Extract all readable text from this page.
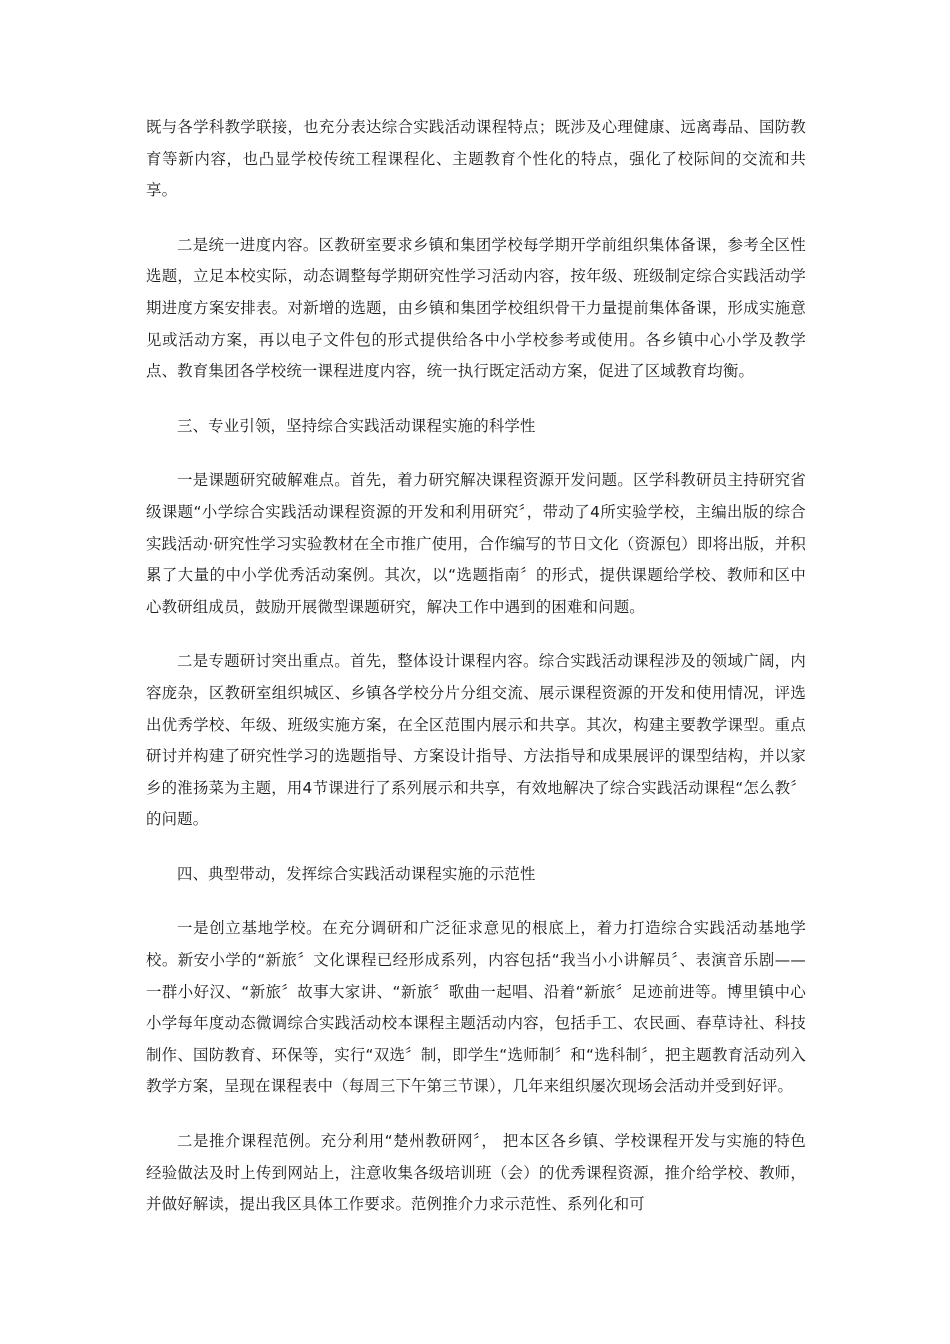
既与各学科教学联接，也充分表达综合实践活动课程特点；既涉及心理健康、远离毒品、国防教育等新内容，也凸显学校传统工程课程化、主题教育个性化的特点，强化了校际间的交流和共享。

二是统一进度内容。区教研室要求乡镇和集团学校每学期开学前组织集体备课，参考全区性选题，立足本校实际，动态调整每学期研究性学习活动内容，按年级、班级制定综合实践活动学期进度方案安排表。对新增的选题，由乡镇和集团学校组织骨干力量提前集体备课，形成实施意见或活动方案，再以电子文件包的形式提供给各中小学校参考或使用。各乡镇中心小学及教学点、教育集团各学校统一课程进度内容，统一执行既定活动方案，促进了区域教育均衡。

三、专业引领，坚持综合实践活动课程实施的科学性

一是课题研究破解难点。首先，着力研究解决课程资源开发问题。区学科教研员主持研究省级课题“小学综合实践活动课程资源的开发和利用研究〞，带动了4所实验学校，主编出版的综合实践活动·研究性学习实验教材在全市推广使用，合作编写的节日文化（资源包）即将出版，并积累了大量的中小学优秀活动案例。其次，以“选题指南〞的形式，提供课题给学校、教师和区中心教研组成员，鼓励开展微型课题研究，解决工作中遇到的困难和问题。

二是专题研讨突出重点。首先，整体设计课程内容。综合实践活动课程涉及的领域广阔，内容庞杂，区教研室组织城区、乡镇各学校分片分组交流、展示课程资源的开发和使用情况，评选出优秀学校、年级、班级实施方案，在全区范围内展示和共享。其次，构建主要教学课型。重点研讨并构建了研究性学习的选题指导、方案设计指导、方法指导和成果展评的课型结构，并以家乡的淮扬菜为主题，用4节课进行了系列展示和共享，有效地解决了综合实践活动课程“怎么教〞的问题。

四、典型带动，发挥综合实践活动课程实施的示范性

一是创立基地学校。在充分调研和广泛征求意见的根底上，着力打造综合实践活动基地学校。新安小学的“新旅〞文化课程已经形成系列，内容包括“我当小小讲解员〞、表演音乐剧——一群小好汉、“新旅〞故事大家讲、“新旅〞歌曲一起唱、沿着“新旅〞足迹前进等。博里镇中心小学每年度动态微调综合实践活动校本课程主题活动内容，包括手工、农民画、春草诗社、科技制作、国防教育、环保等，实行“双选〞制，即学生“选师制〞和“选科制〞，把主题教育活动列入教学方案，呈现在课程表中（每周三下午第三节课），几年来组织屡次现场会活动并受到好评。

二是推介课程范例。充分利用“楚州教研网〞， 把本区各乡镇、学校课程开发与实施的特色经验做法及时上传到网站上，注意收集各级培训班（会）的优秀课程资源，推介给学校、教师，并做好解读，提出我区具体工作要求。范例推介力求示范性、系列化和可
